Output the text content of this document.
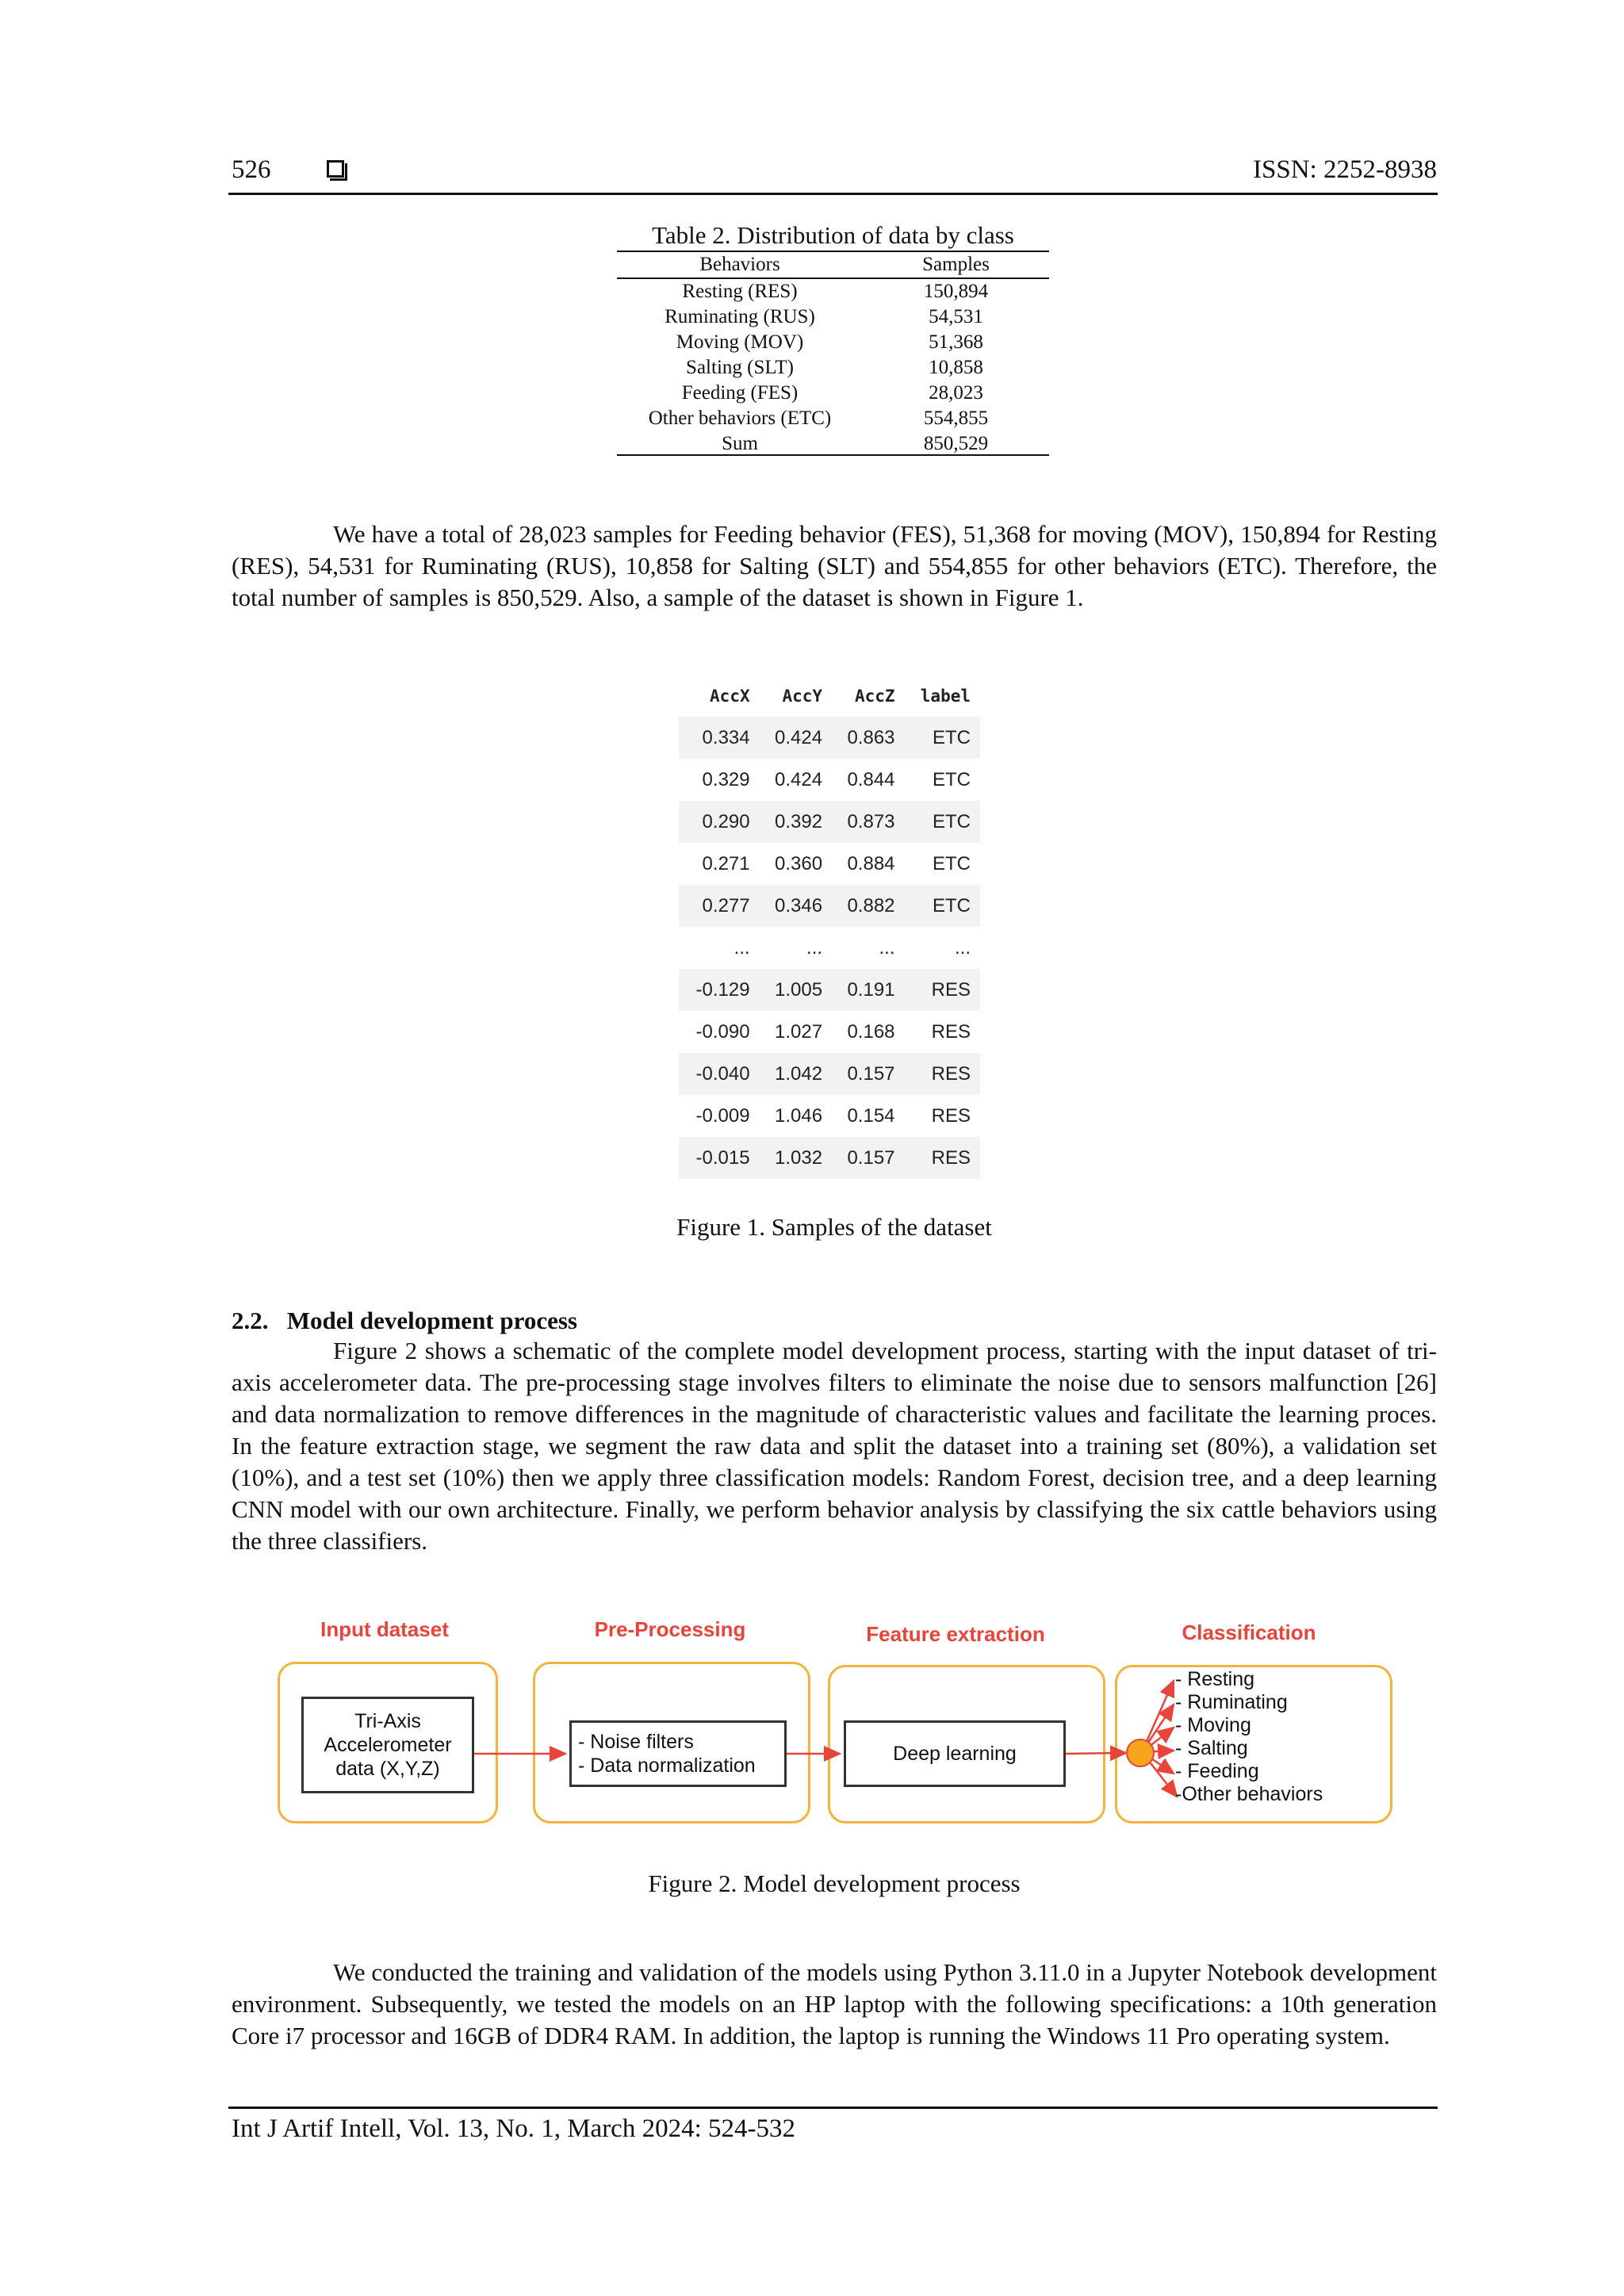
526	ISSN: 2252-8938
Table 2. Distribution of data by class
Behaviors	Samples
Resting (RES)	150,894
Ruminating (RUS)	54,531
Moving (MOV)	51,368
Salting (SLT)	10,858
Feeding (FES)	28,023
Other behaviors (ETC)	554,855
Sum	850,529

We have a total of 28,023 samples for Feeding behavior (FES), 51,368 for moving (MOV), 150,894 for Resting (RES), 54,531 for Ruminating (RUS), 10,858 for Salting (SLT) and 554,855 for other behaviors (ETC). Therefore, the total number of samples is 850,529. Also, a sample of the dataset is shown in Figure 1.

AccX	AccY	AccZ	label
0.334	0.424	0.863	ETC
0.329	0.424	0.844	ETC
0.290	0.392	0.873	ETC
0.271	0.360	0.884	ETC
0.277	0.346	0.882	ETC
...	...	...	...
-0.129	1.005	0.191	RES
-0.090	1.027	0.168	RES
-0.040	1.042	0.157	RES
-0.009	1.046	0.154	RES
-0.015	1.032	0.157	RES
Figure 1. Samples of the dataset
2.2.   Model development process

Figure 2 shows a schematic of the complete model development process, starting with the input dataset of tri-axis accelerometer data. The pre-processing stage involves filters to eliminate the noise due to sensors malfunction [26] and data normalization to remove differences in the magnitude of characteristic values and facilitate the learning proces. In the feature extraction stage, we segment the raw data and split the dataset into a training set (80%), a validation set (10%), and a test set (10%) then we apply three classification models: Random Forest, decision tree, and a deep learning CNN model with our own architecture. Finally, we perform behavior analysis by classifying the six cattle behaviors using the three classifiers.

Input dataset	Pre-Processing	Feature extraction	Classification
Tri-Axis
Accelerometer
data (X,Y,Z)
- Noise filters
- Data normalization
Deep learning
- Resting
- Ruminating
- Moving
- Salting
- Feeding
-Other behaviors
Figure 2. Model development process

We conducted the training and validation of the models using Python 3.11.0 in a Jupyter Notebook development environment. Subsequently, we tested the models on an HP laptop with the following specifications: a 10th generation Core i7 processor and 16GB of DDR4 RAM. In addition, the laptop is running the Windows 11 Pro operating system.

Int J Artif Intell, Vol. 13, No. 1, March 2024: 524-532
